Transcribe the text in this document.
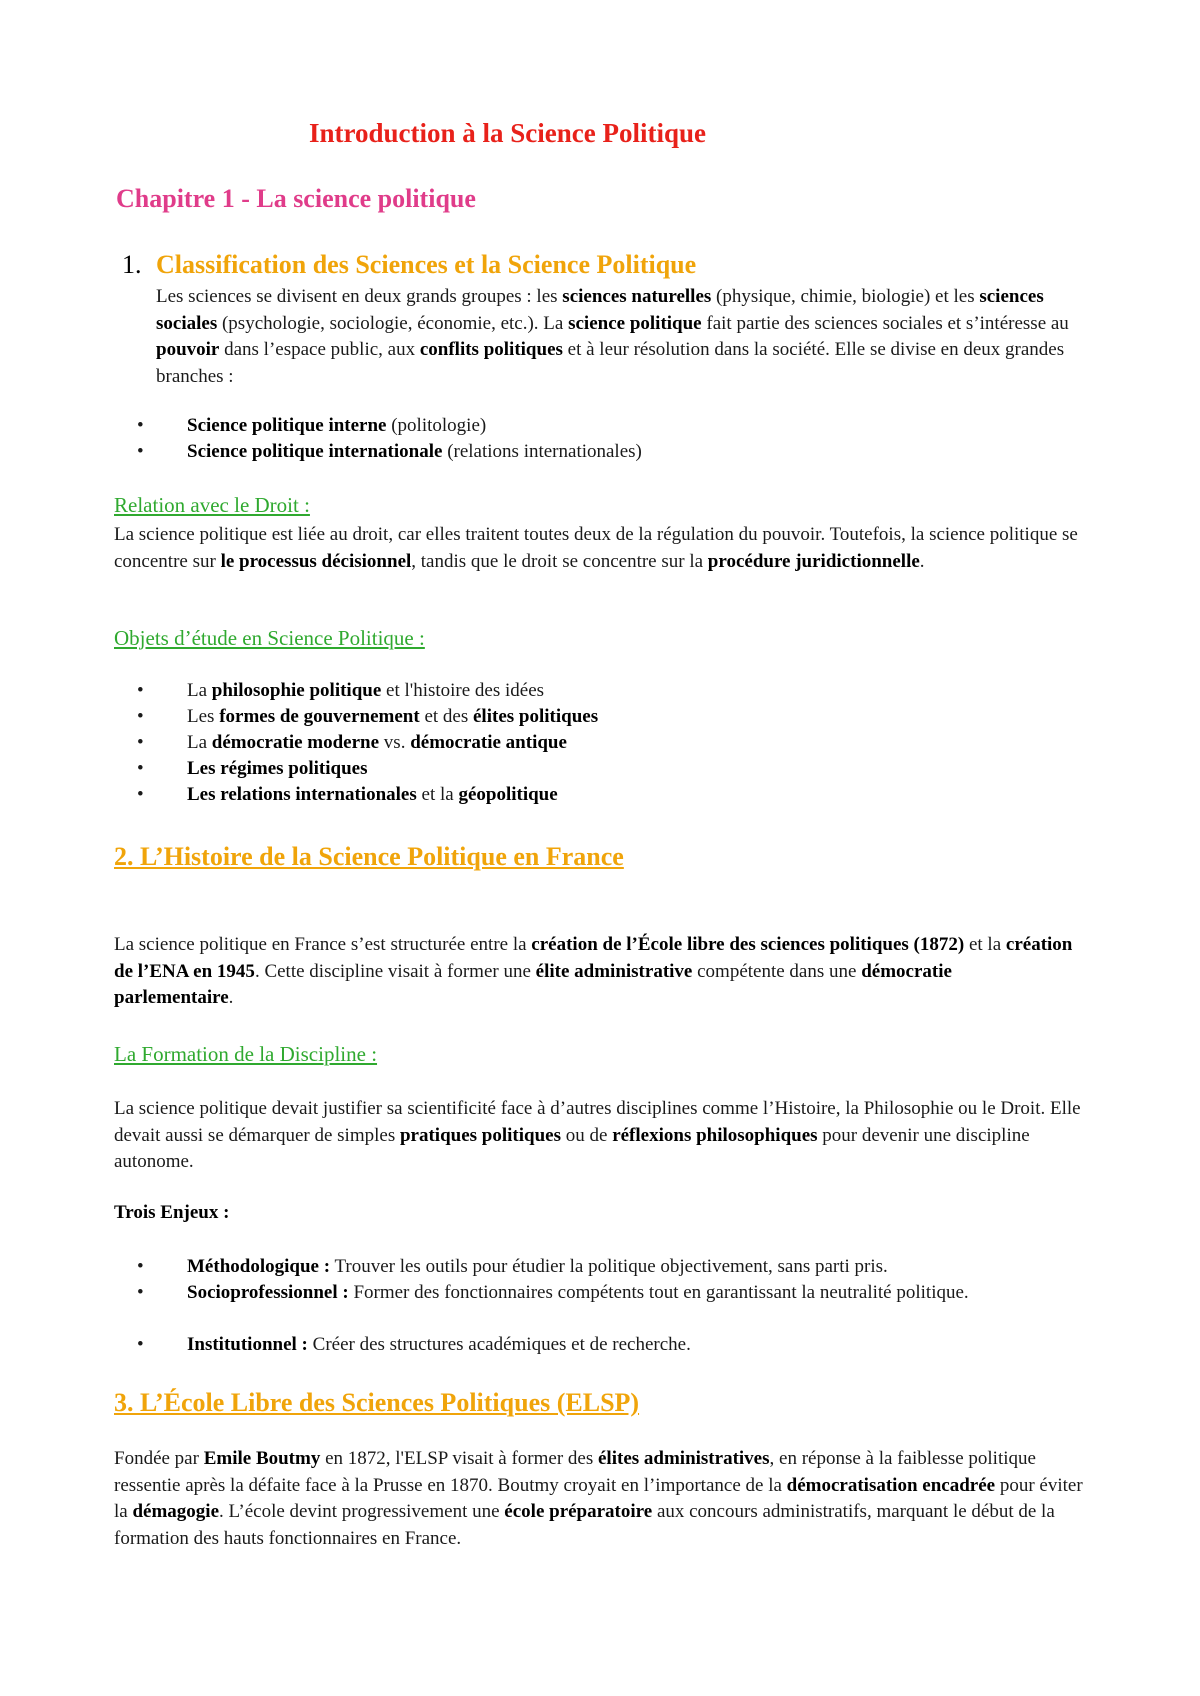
Introduction à la Science Politique
Chapitre 1 - La science politique
1. Classification des Sciences et la Science Politique

Les sciences se divisent en deux grands groupes : les sciences naturelles (physique, chimie, biologie) et les sciences sociales (psychologie, sociologie, économie, etc.). La science politique fait partie des sciences sociales et s’intéresse au pouvoir dans l’espace public, aux conflits politiques et à leur résolution dans la société. Elle se divise en deux grandes branches :

• Science politique interne (politologie)
• Science politique internationale (relations internationales)
Relation avec le Droit :

La science politique est liée au droit, car elles traitent toutes deux de la régulation du pouvoir. Toutefois, la science politique se concentre sur le processus décisionnel, tandis que le droit se concentre sur la procédure juridictionnelle.

Objets d’étude en Science Politique :
• La philosophie politique et l'histoire des idées
• Les formes de gouvernement et des élites politiques
• La démocratie moderne vs. démocratie antique
• Les régimes politiques
• Les relations internationales et la géopolitique
2. L’Histoire de la Science Politique en France

La science politique en France s’est structurée entre la création de l’École libre des sciences politiques (1872) et la création de l’ENA en 1945. Cette discipline visait à former une élite administrative compétente dans une démocratie parlementaire.

La Formation de la Discipline :

La science politique devait justifier sa scientificité face à d’autres disciplines comme l’Histoire, la Philosophie ou le Droit. Elle devait aussi se démarquer de simples pratiques politiques ou de réflexions philosophiques pour devenir une discipline autonome.

Trois Enjeux :
• Méthodologique : Trouver les outils pour étudier la politique objectivement, sans parti pris.
• Socioprofessionnel : Former des fonctionnaires compétents tout en garantissant la neutralité politique.
• Institutionnel : Créer des structures académiques et de recherche.
3. L’École Libre des Sciences Politiques (ELSP)

Fondée par Emile Boutmy en 1872, l'ELSP visait à former des élites administratives, en réponse à la faiblesse politique ressentie après la défaite face à la Prusse en 1870. Boutmy croyait en l’importance de la démocratisation encadrée pour éviter la démagogie. L’école devint progressivement une école préparatoire aux concours administratifs, marquant le début de la formation des hauts fonctionnaires en France.
